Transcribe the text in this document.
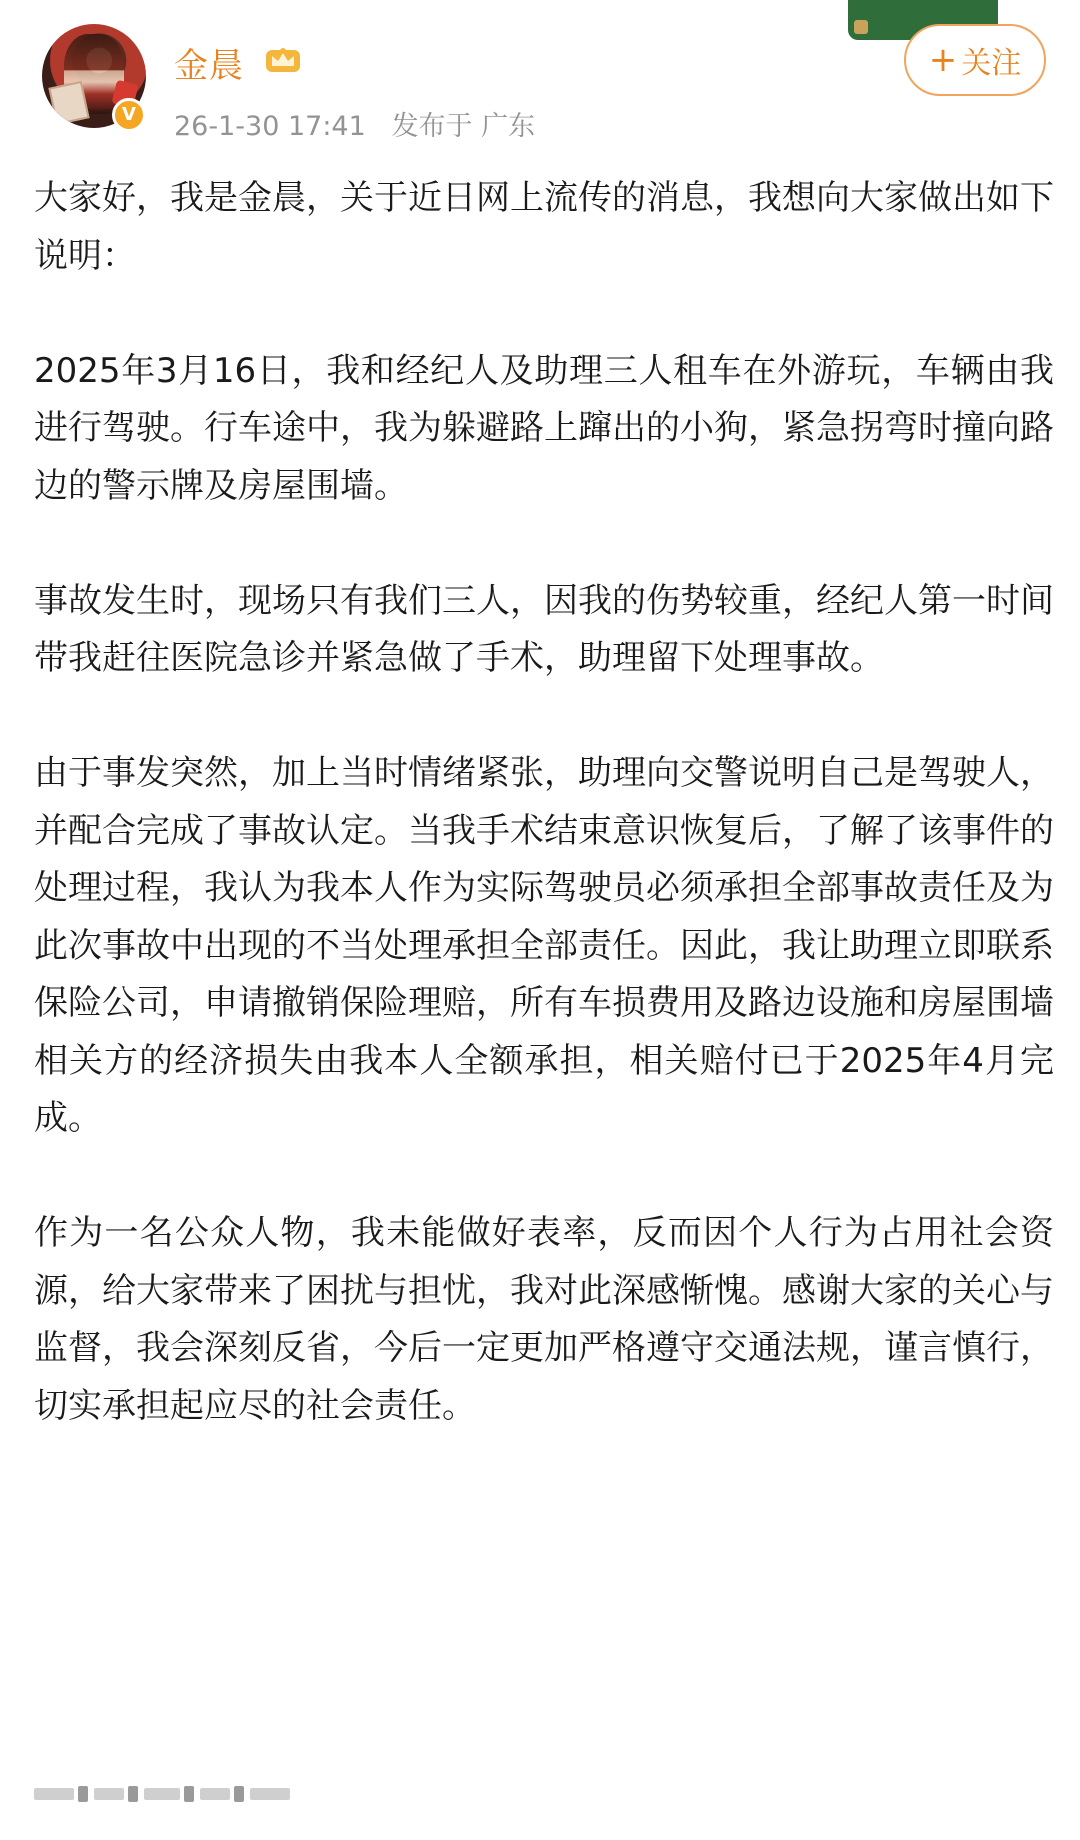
V
金晨
26-1-30 17:41 发布于 广东
+ 关注

大家好，我是金晨，关于近日网上流传的消息，我想向大家做出如下说明：

2025年3月16日，我和经纪人及助理三人租车在外游玩，车辆由我进行驾驶。行车途中，我为躲避路上蹿出的小狗，紧急拐弯时撞向路边的警示牌及房屋围墙。

事故发生时，现场只有我们三人，因我的伤势较重，经纪人第一时间带我赶往医院急诊并紧急做了手术，助理留下处理事故。

由于事发突然，加上当时情绪紧张，助理向交警说明自己是驾驶人，并配合完成了事故认定。当我手术结束意识恢复后，了解了该事件的处理过程，我认为我本人作为实际驾驶员必须承担全部事故责任及为此次事故中出现的不当处理承担全部责任。因此，我让助理立即联系保险公司，申请撤销保险理赔，所有车损费用及路边设施和房屋围墙相关方的经济损失由我本人全额承担，相关赔付已于2025年4月完成。

作为一名公众人物，我未能做好表率，反而因个人行为占用社会资源，给大家带来了困扰与担忧，我对此深感惭愧。感谢大家的关心与监督，我会深刻反省，今后一定更加严格遵守交通法规，谨言慎行，切实承担起应尽的社会责任。
